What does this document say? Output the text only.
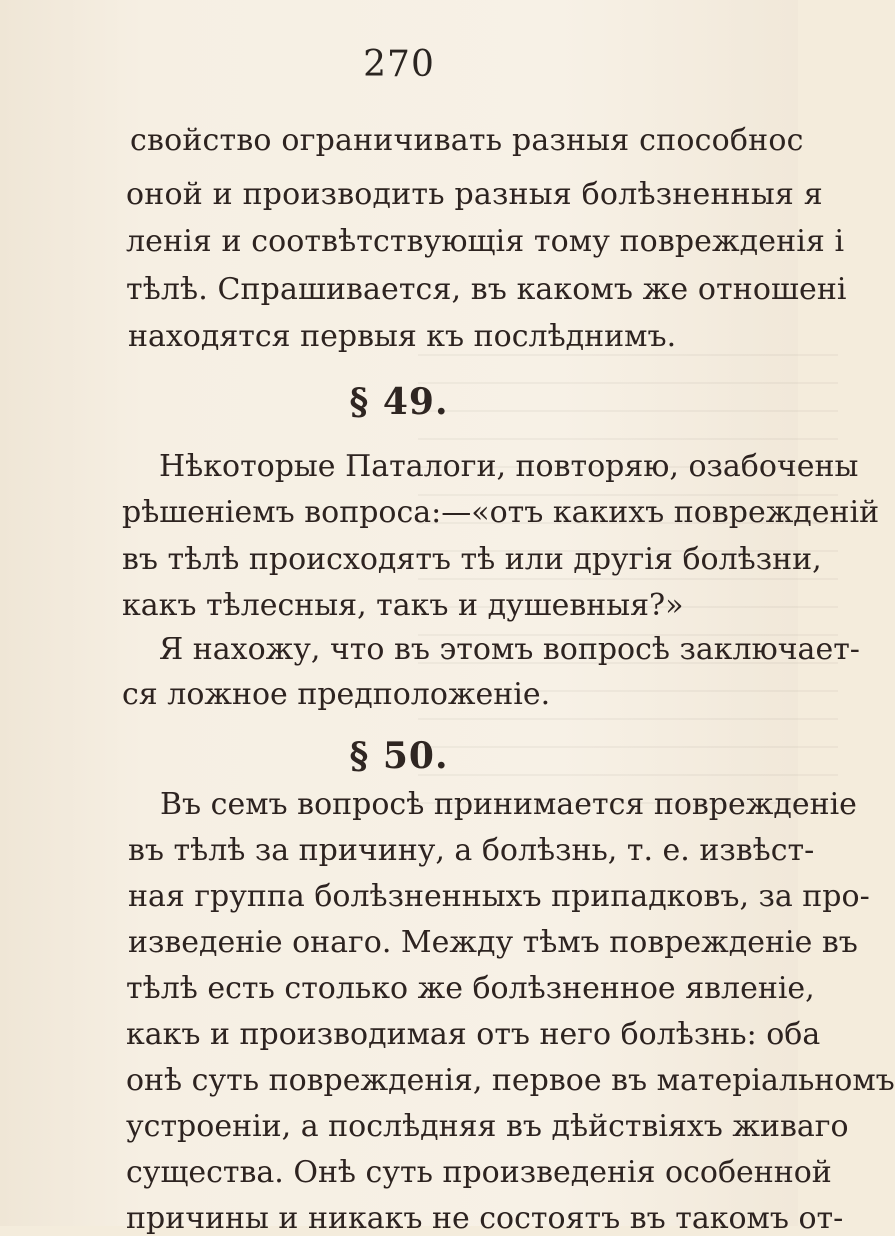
270
свойство ограничивать разныя способнос
оной и производить разныя болѣзненныя я
ленія и соотвѣтствующія тому поврежденія і
тѣлѣ. Спрашивается, въ какомъ же отношені
находятся первыя къ послѣднимъ.
§ 49.
Нѣкоторые Паталоги, повторяю, озабочены
рѣшеніемъ вопроса:—«отъ какихъ поврежденій
въ тѣлѣ происходятъ тѣ или другія болѣзни,
какъ тѣлесныя, такъ и душевныя?»
Я нахожу, что въ этомъ вопросѣ заключает-
ся ложное предположеніе.
§ 50.
Въ семъ вопросѣ принимается поврежденіе
въ тѣлѣ за причину, а болѣзнь, т. е. извѣст-
ная группа болѣзненныхъ припадковъ, за про-
изведеніе онаго. Между тѣмъ поврежденіе въ
тѣлѣ есть столько же болѣзненное явленіе,
какъ и производимая отъ него болѣзнь: оба
онѣ суть поврежденія, первое въ матеріальномъ
устроеніи, а послѣдняя въ дѣйствіяхъ живаго
существа. Онѣ суть произведенія особенной
причины и никакъ не состоятъ въ такомъ от-
